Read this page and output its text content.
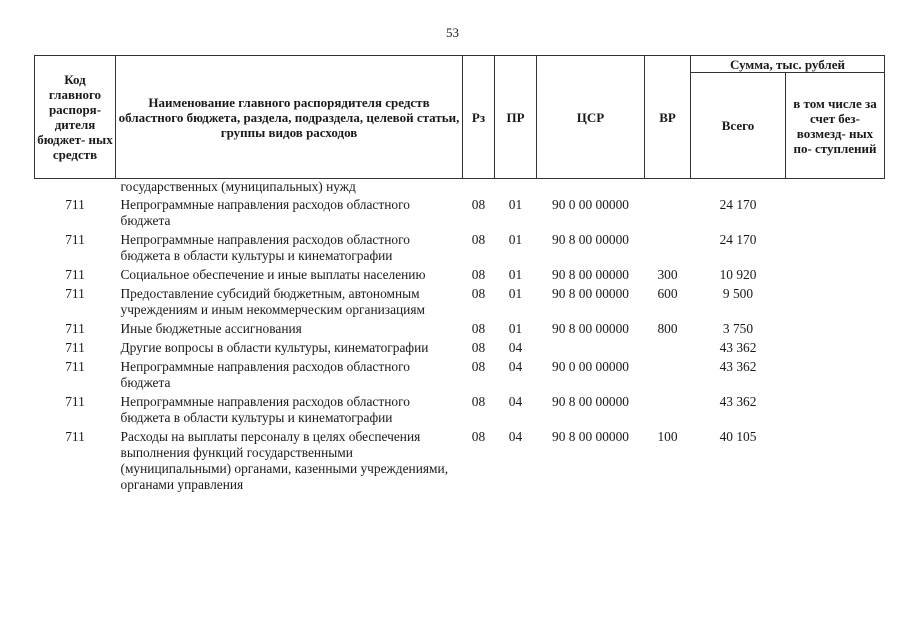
53
Код главного распоря- дителя бюджет- ных средств	Наименование главного распорядителя средств областного бюджета, раздела, подраздела, целевой статьи, группы видов расходов	Рз	ПР	ЦСР	ВР	Сумма, тыс. рублей	
						Всего	в том числе за счет без- возмезд- ных по- ступлений
	государственных (муниципальных) нужд						
711	Непрограммные направления расходов областного бюджета	08	01	90 0 00 00000		24 170	
711	Непрограммные направления расходов областного бюджета в области культуры и кинематографии	08	01	90 8 00 00000		24 170	
711	Социальное обеспечение и иные выплаты населению	08	01	90 8 00 00000	300	10 920	
711	Предоставление субсидий бюджетным, автономным учреждениям и иным некоммерческим организациям	08	01	90 8 00 00000	600	9 500	
711	Иные бюджетные ассигнования	08	01	90 8 00 00000	800	3 750	
711	Другие вопросы в области культуры, кинематографии	08	04			43 362	
711	Непрограммные направления расходов областного бюджета	08	04	90 0 00 00000		43 362	
711	Непрограммные направления расходов областного бюджета в области культуры и кинематографии	08	04	90 8 00 00000		43 362	
711	Расходы на выплаты персоналу в целях обеспечения выполнения функций государственными (муниципальными) органами, казенными учреждениями, органами управления	08	04	90 8 00 00000	100	40 105	
